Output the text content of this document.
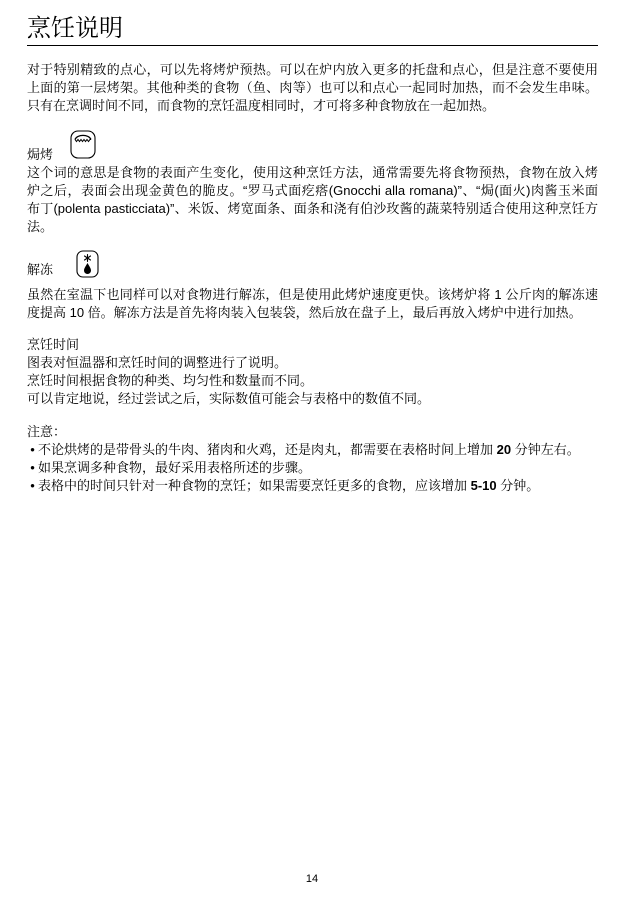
烹饪说明
对于特别精致的点心，可以先将烤炉预热。可以在炉内放入更多的托盘和点心，但是注意不要使用
上面的第一层烤架。其他种类的食物（鱼、肉等）也可以和点心一起同时加热，而不会发生串味。
只有在烹调时间不同，而食物的烹饪温度相同时，才可将多种食物放在一起加热。
焗烤
这个词的意思是食物的表面产生变化，使用这种烹饪方法，通常需要先将食物预热，食物在放入烤
炉之后，表面会出现金黄色的脆皮。“罗马式面疙瘩(Gnocchi alla romana)”、“焗(面火)肉酱玉米面
布丁(polenta pasticciata)”、米饭、烤宽面条、面条和浇有伯沙玫酱的蔬菜特别适合使用这种烹饪方
法。
解冻
虽然在室温下也同样可以对食物进行解冻，但是使用此烤炉速度更快。该烤炉将 1 公斤肉的解冻速
度提高 10 倍。解冻方法是首先将肉装入包装袋，然后放在盘子上，最后再放入烤炉中进行加热。
烹饪时间
图表对恒温器和烹饪时间的调整进行了说明。
烹饪时间根据食物的种类、均匀性和数量而不同。
可以肯定地说，经过尝试之后，实际数值可能会与表格中的数值不同。
注意：
• 不论烘烤的是带骨头的牛肉、猪肉和火鸡，还是肉丸，都需要在表格时间上增加 20 分钟左右。
• 如果烹调多种食物，最好采用表格所述的步骤。
• 表格中的时间只针对一种食物的烹饪；如果需要烹饪更多的食物，应该增加 5-10 分钟。
14
